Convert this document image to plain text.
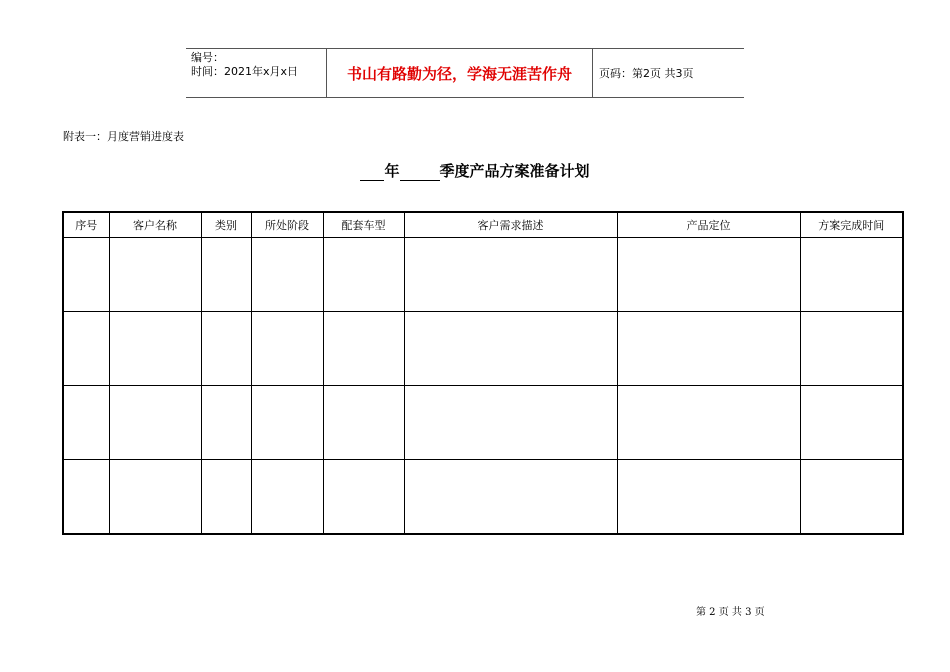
编号：
时间：2021年x月x日	书山有路勤为径，学海无涯苦作舟	页码：第2页 共3页
附表一：月度营销进度表
年	季度产品方案准备计划
序号	客户名称	类别	所处阶段	配套车型	客户需求描述	产品定位	方案完成时间

第 2 页 共 3 页
